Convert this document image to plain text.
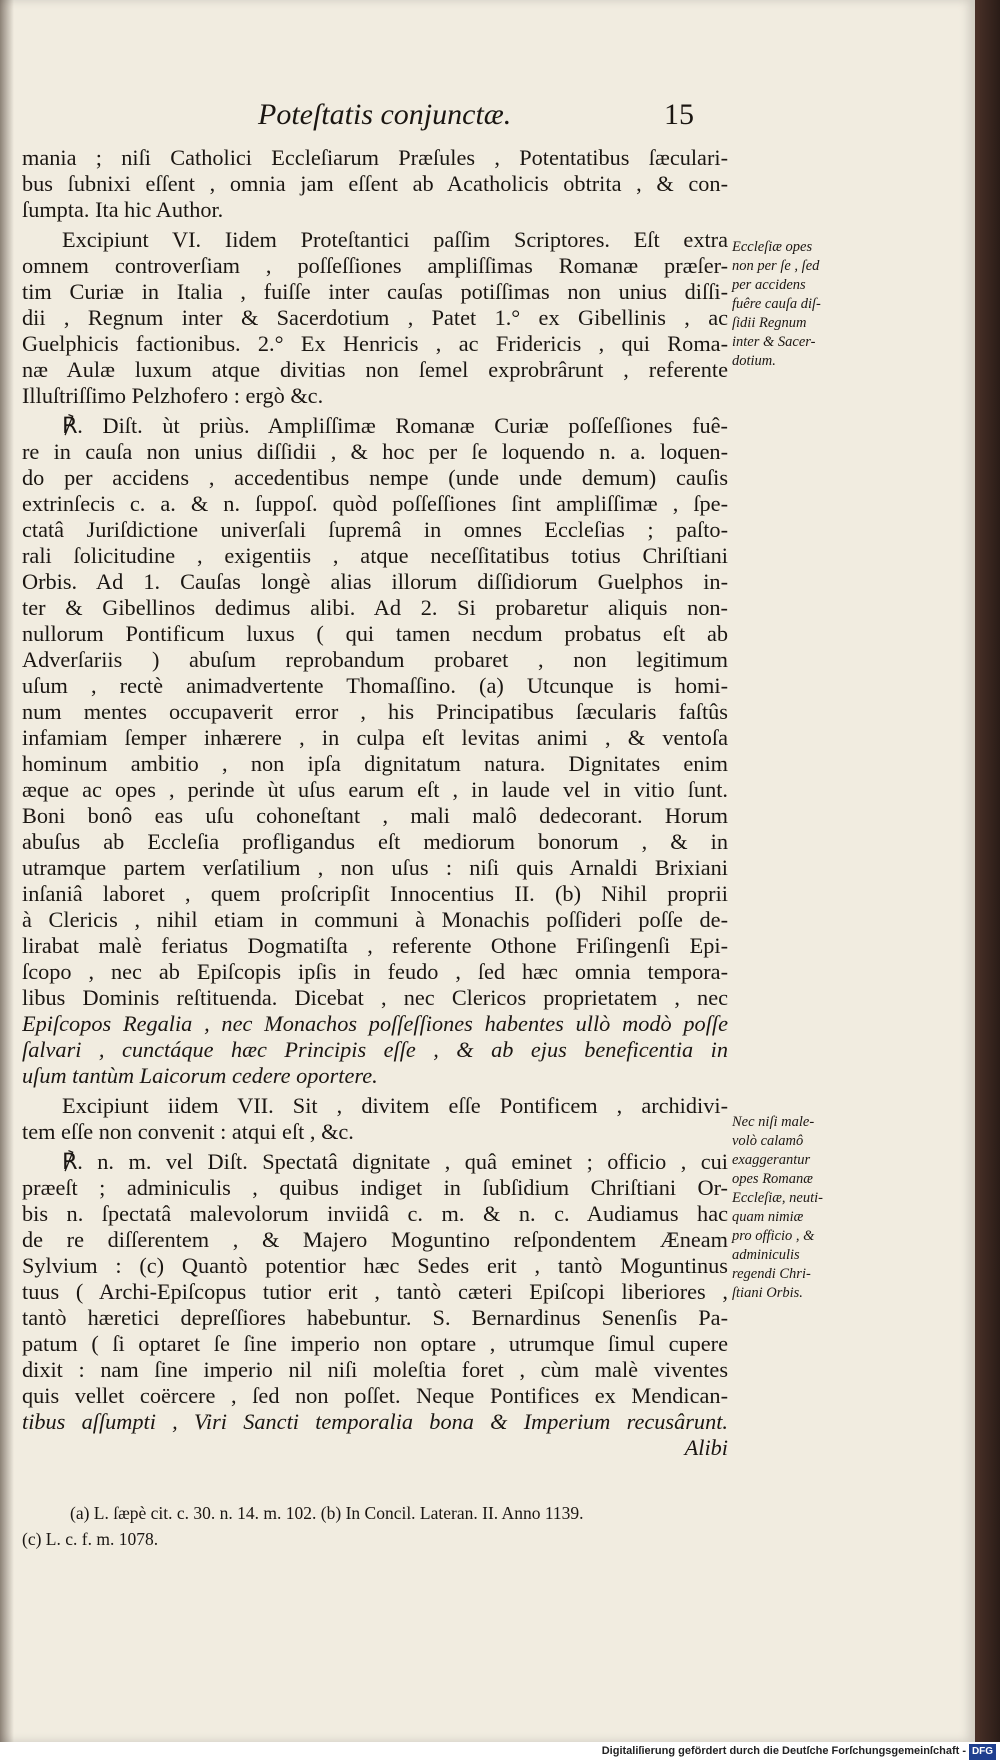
Poteſtatis conjunctæ.	15
mania ; niſi Catholici Eccleſiarum Præſules , Potentatibus ſæculari-
bus ſubnixi eſſent , omnia jam eſſent ab Acatholicis obtrita , & con-
ſumpta. Ita hic Author.
Excipiunt VI. Iidem Proteſtantici paſſim Scriptores. Eſt extra
omnem controverſiam , poſſeſſiones ampliſſimas Romanæ præſer-
tim Curiæ in Italia , fuiſſe inter cauſas potiſſimas non unius diſſi-
dii , Regnum inter & Sacerdotium , Patet 1.° ex Gibellinis , ac
Guelphicis factionibus. 2.° Ex Henricis , ac Fridericis , qui Roma-
næ Aulæ luxum atque divitias non ſemel exprobrârunt , referente
Illuſtriſſimo Pelzhofero : ergò &c.
℟. Diſt. ùt priùs. Ampliſſimæ Romanæ Curiæ poſſeſſiones fuê-
re in cauſa non unius diſſidii , & hoc per ſe loquendo n. a. loquen-
do per accidens , accedentibus nempe (unde unde demum) cauſis
extrinſecis c. a. & n. ſuppoſ. quòd poſſeſſiones ſint ampliſſimæ , ſpe-
ctatâ Juriſdictione univerſali ſupremâ in omnes Eccleſias ; paſto-
rali ſolicitudine , exigentiis , atque neceſſitatibus totius Chriſtiani
Orbis. Ad 1. Cauſas longè alias illorum diſſidiorum Guelphos in-
ter & Gibellinos dedimus alibi. Ad 2. Si probaretur aliquis non-
nullorum Pontificum luxus ( qui tamen necdum probatus eſt ab
Adverſariis ) abuſum reprobandum probaret , non legitimum
uſum , rectè animadvertente Thomaſſino. (a) Utcunque is homi-
num mentes occupaverit error , his Principatibus ſæcularis faſtûs
infamiam ſemper inhærere , in culpa eſt levitas animi , & ventoſa
hominum ambitio , non ipſa dignitatum natura. Dignitates enim
æque ac opes , perinde ùt uſus earum eſt , in laude vel in vitio ſunt.
Boni bonô eas uſu cohoneſtant , mali malô dedecorant. Horum
abuſus ab Eccleſia profligandus eſt mediorum bonorum , & in
utramque partem verſatilium , non uſus : niſi quis Arnaldi Brixiani
inſaniâ laboret , quem proſcripſit Innocentius II. (b) Nihil proprii
à Clericis , nihil etiam in communi à Monachis poſſideri poſſe de-
lirabat malè feriatus Dogmatiſta , referente Othone Friſingenſi Epi-
ſcopo , nec ab Epiſcopis ipſis in feudo , ſed hæc omnia tempora-
libus Dominis reſtituenda. Dicebat , nec Clericos proprietatem , nec
Epiſcopos Regalia , nec Monachos poſſeſſiones habentes ullò modò poſſe
ſalvari , cunctáque hæc Principis eſſe , & ab ejus beneficentia in
uſum tantùm Laicorum cedere oportere.
Excipiunt iidem VII. Sit , divitem eſſe Pontificem , archidivi-
tem eſſe non convenit : atqui eſt , &c.
℟. n. m. vel Diſt. Spectatâ dignitate , quâ eminet ; officio , cui
præeſt ; adminiculis , quibus indiget in ſubſidium Chriſtiani Or-
bis n. ſpectatâ malevolorum inviidâ c. m. & n. c. Audiamus hac
de re diſſerentem , & Majero Moguntino reſpondentem Æneam
Sylvium : (c) Quantò potentior hæc Sedes erit , tantò Moguntinus
tuus ( Archi-Epiſcopus tutior erit , tantò cæteri Epiſcopi liberiores ,
tantò hæretici depreſſiores habebuntur. S. Bernardinus Senenſis Pa-
patum ( ſi optaret ſe ſine imperio non optare , utrumque ſimul cupere
dixit : nam ſine imperio nil niſi moleſtia foret , cùm malè viventes
quis vellet coërcere , ſed non poſſet. Neque Pontifices ex Mendican-
tibus aſſumpti , Viri Sancti temporalia bona & Imperium recusârunt.
Alibi
Eccleſiæ opes
non per ſe , ſed
per accidens
fuêre cauſa diſ-
ſidii Regnum
inter & Sacer-
dotium.
Nec niſi male-
volò calamô
exaggerantur
opes Romanæ
Eccleſiæ, neuti-
quam nimiæ
pro officio , &
adminiculis
regendi Chri-
ſtiani Orbis.
(a) L. ſæpè cit. c. 30. n. 14. m. 102. (b) In Concil. Lateran. II. Anno 1139.
(c) L. c. f. m. 1078.
Digitaliſierung gefördert durch die Deutſche Forſchungsgemeinſchaft - DFG
